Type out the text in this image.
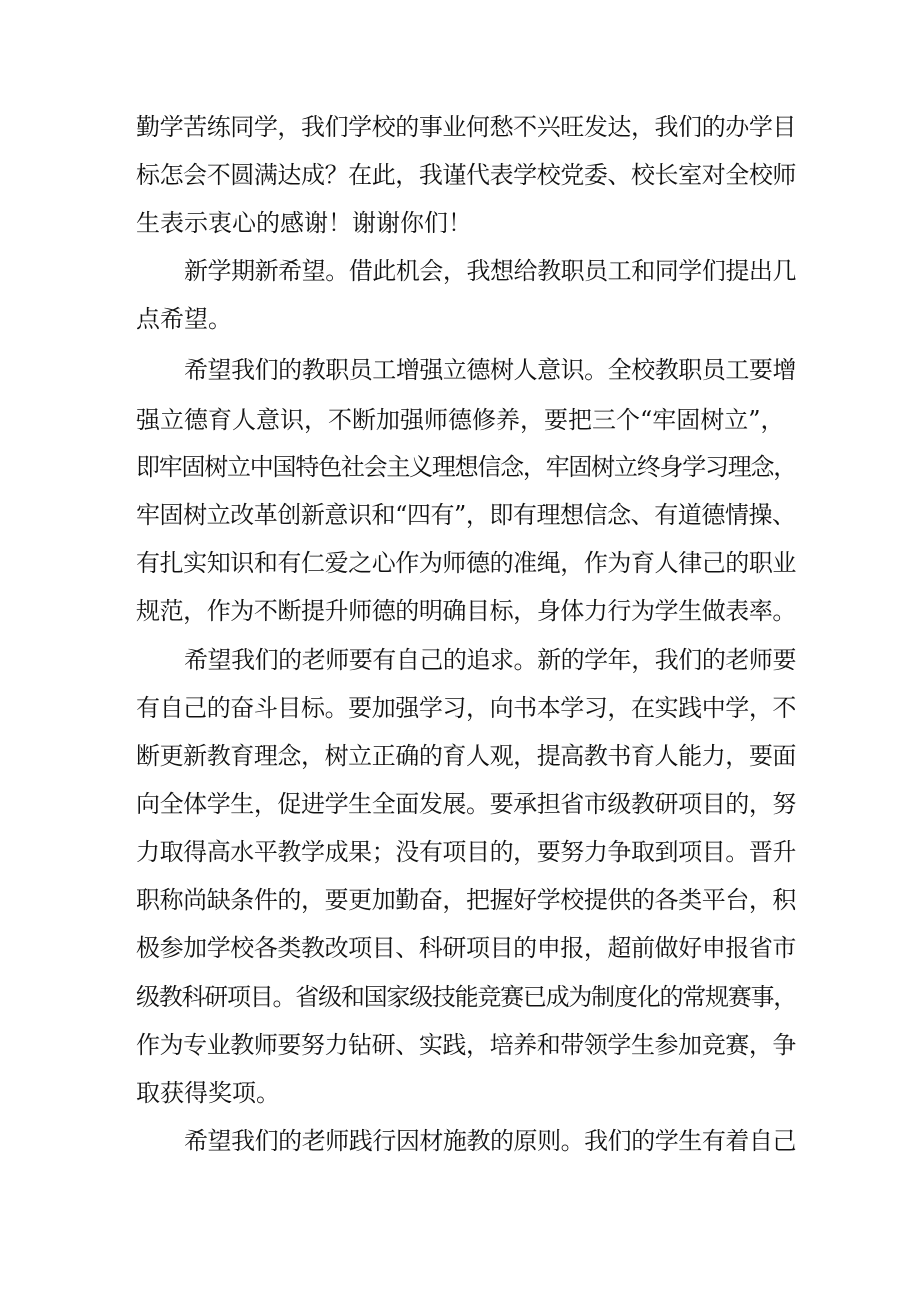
勤学苦练同学，我们学校的事业何愁不兴旺发达，我们的办学目
标怎会不圆满达成？在此，我谨代表学校党委、校长室对全校师
生表示衷心的感谢！谢谢你们！
新学期新希望。借此机会，我想给教职员工和同学们提出几
点希望。
希望我们的教职员工增强立德树人意识。全校教职员工要增
强立德育人意识，不断加强师德修养，要把三个“牢固树立”，
即牢固树立中国特色社会主义理想信念，牢固树立终身学习理念，
牢固树立改革创新意识和“四有”，即有理想信念、有道德情操、
有扎实知识和有仁爱之心作为师德的准绳，作为育人律己的职业
规范，作为不断提升师德的明确目标，身体力行为学生做表率。
希望我们的老师要有自己的追求。新的学年，我们的老师要
有自己的奋斗目标。要加强学习，向书本学习，在实践中学，不
断更新教育理念，树立正确的育人观，提高教书育人能力，要面
向全体学生，促进学生全面发展。要承担省市级教研项目的，努
力取得高水平教学成果；没有项目的，要努力争取到项目。晋升
职称尚缺条件的，要更加勤奋，把握好学校提供的各类平台，积
极参加学校各类教改项目、科研项目的申报，超前做好申报省市
级教科研项目。省级和国家级技能竞赛已成为制度化的常规赛事，
作为专业教师要努力钻研、实践，培养和带领学生参加竞赛，争
取获得奖项。
希望我们的老师践行因材施教的原则。我们的学生有着自己
